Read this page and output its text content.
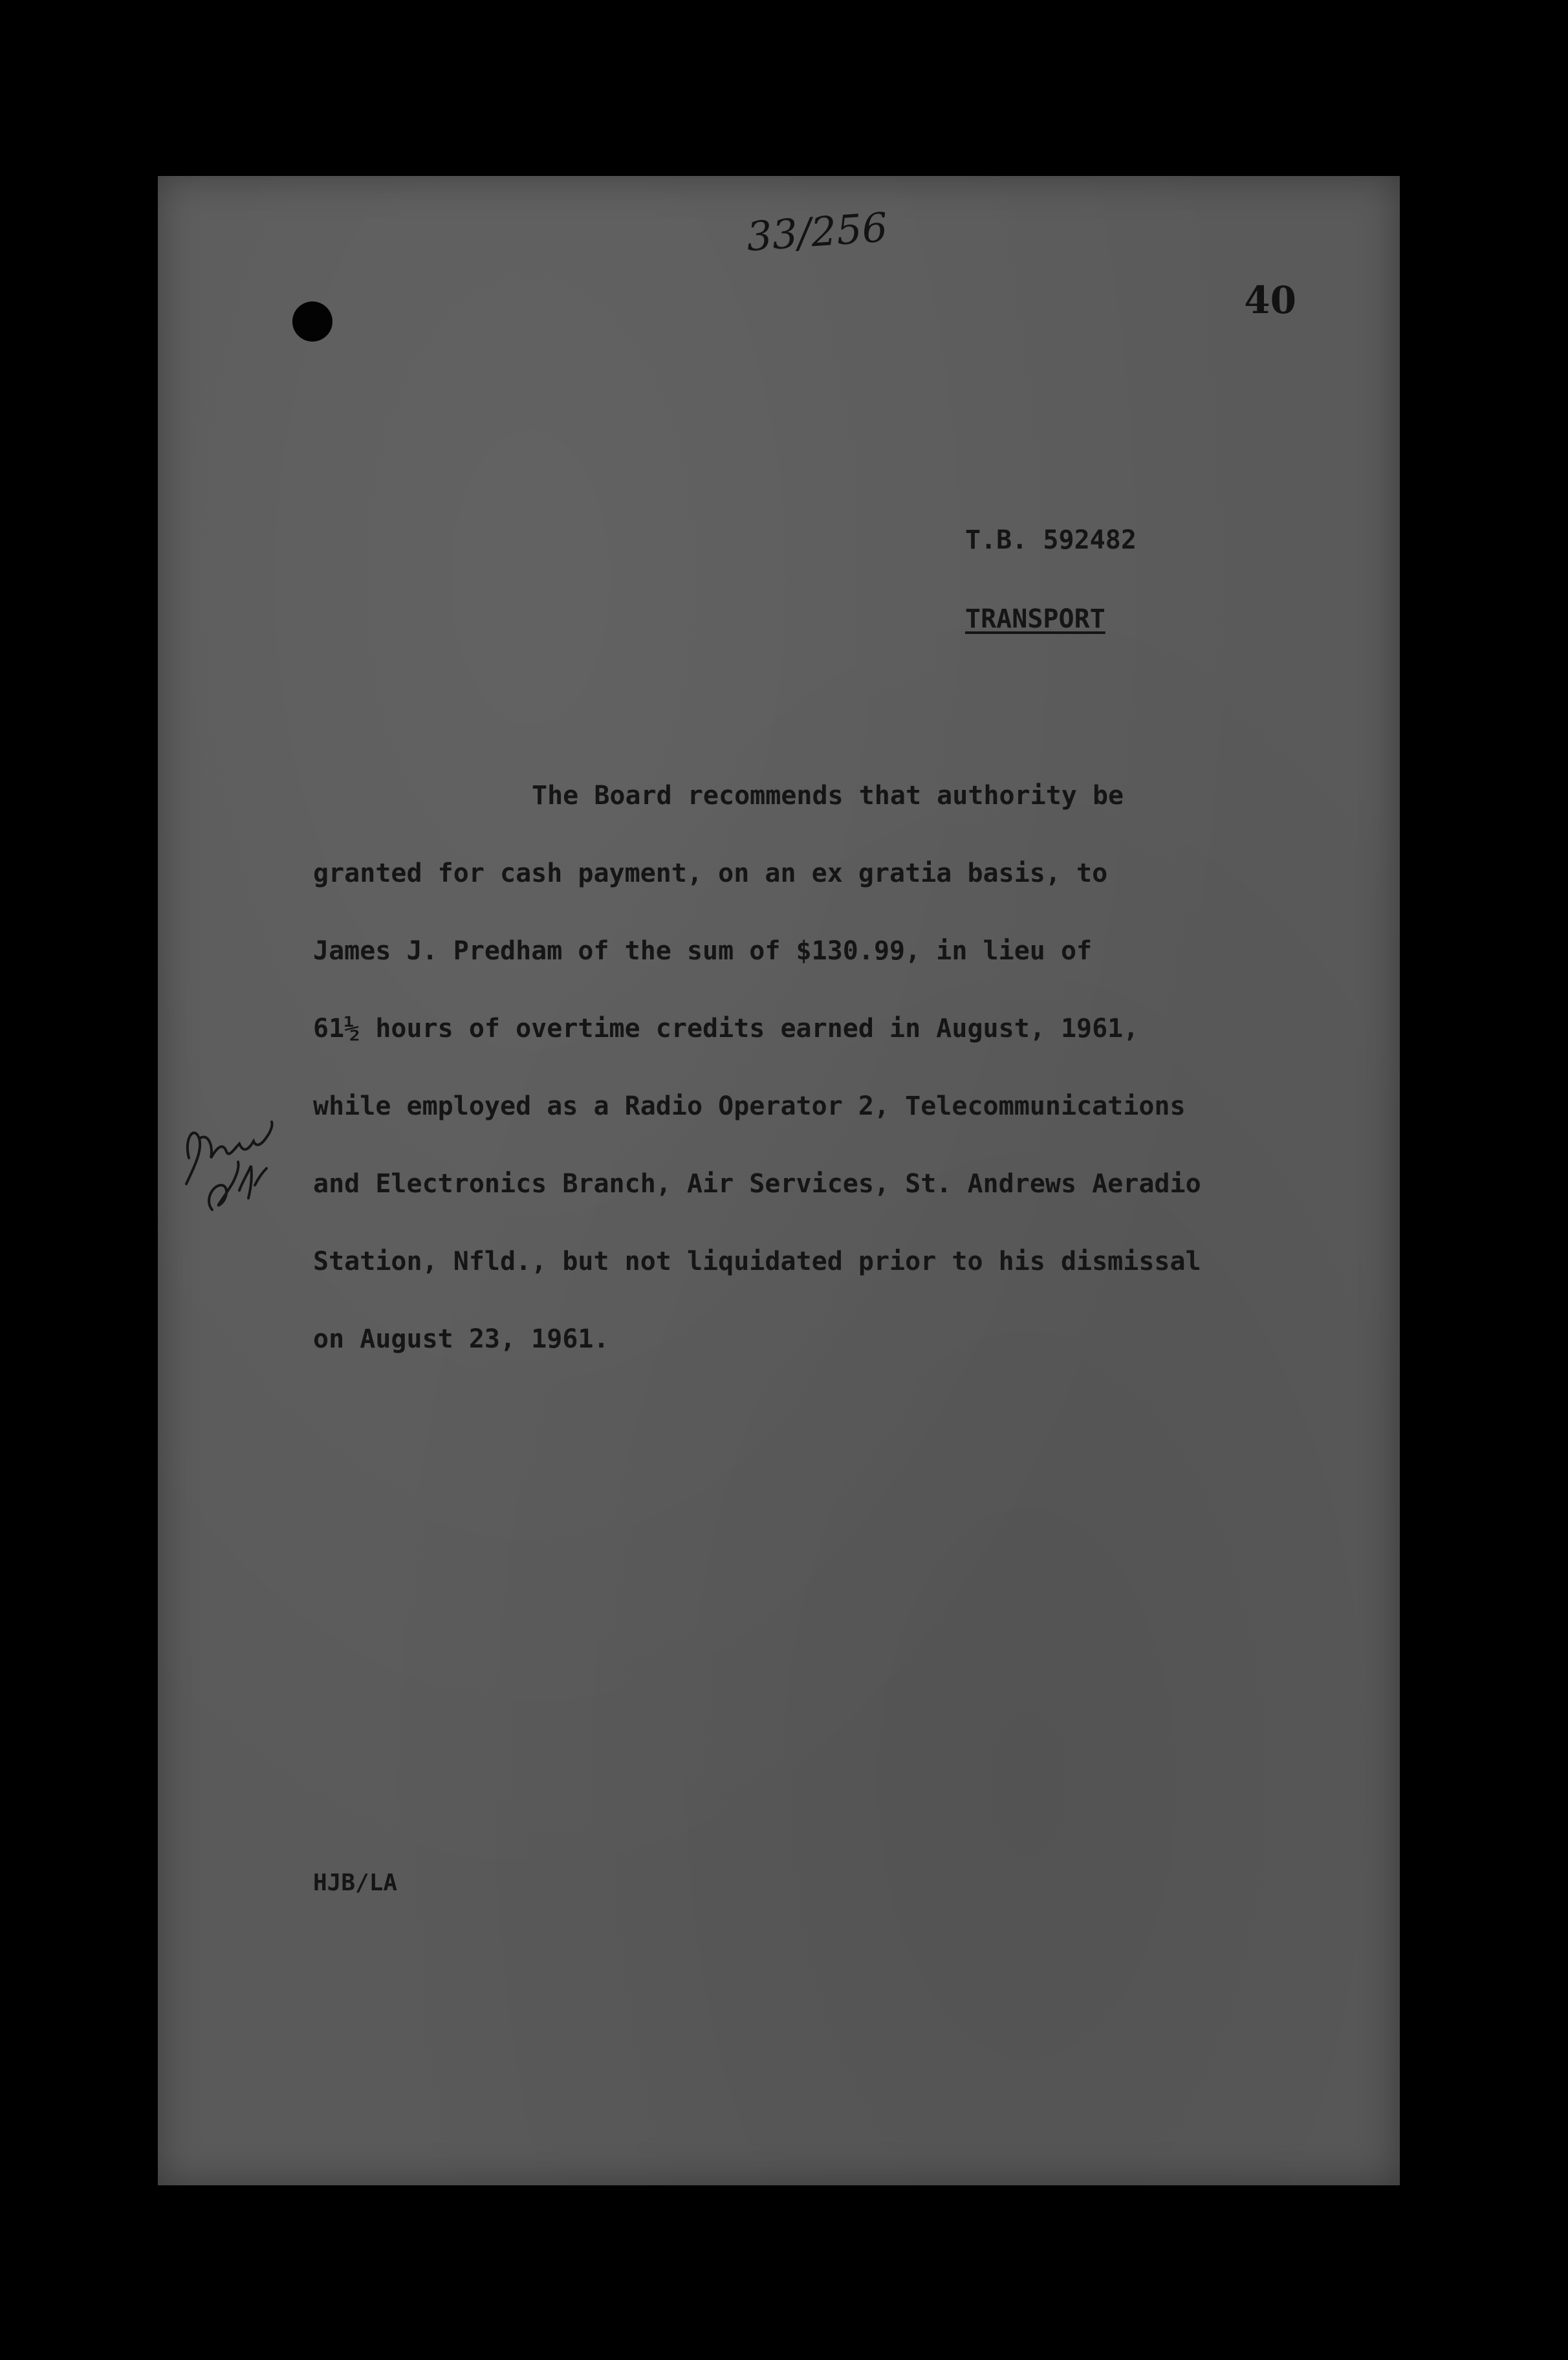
33/256
40
T.B. 592482
TRANSPORT

The Board recommends that authority be
granted for cash payment, on an ex gratia basis, to
James J. Predham of the sum of $130.99, in lieu of
61½ hours of overtime credits earned in August, 1961,
while employed as a Radio Operator 2, Telecommunications
and Electronics Branch, Air Services, St. Andrews Aeradio
Station, Nfld., but not liquidated prior to his dismissal
on August 23, 1961.

HJB/LA
